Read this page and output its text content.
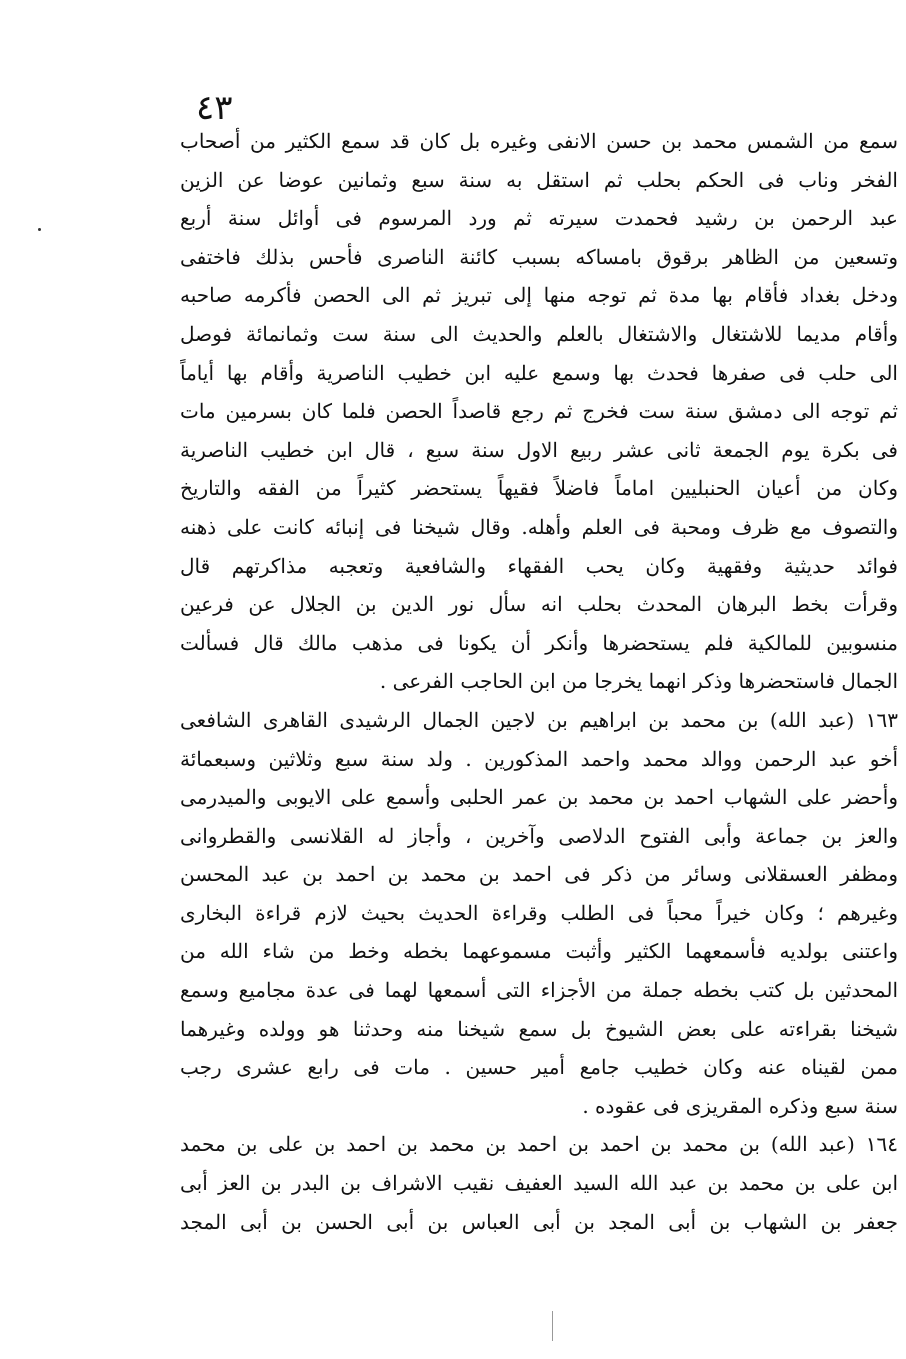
٤٣
سمع من الشمس محمد بن حسن الانفى وغيره بل كان قد سمع الكثير من أصحاب
الفخر وناب فى الحكم بحلب ثم استقل به سنة سبع وثمانين عوضا عن الزين
عبد الرحمن بن رشيد فحمدت سيرته ثم ورد المرسوم فى أوائل سنة أربع
وتسعين من الظاهر برقوق بامساكه بسبب كائنة الناصرى فأحس بذلك فاختفى
ودخل بغداد فأقام بها مدة ثم توجه منها إلى تبريز ثم الى الحصن فأكرمه صاحبه
وأقام مديما للاشتغال والاشتغال بالعلم والحديث الى سنة ست وثمانمائة فوصل
الى حلب فى صفرها فحدث بها وسمع عليه ابن خطيب الناصرية وأقام بها أياماً
ثم توجه الى دمشق سنة ست فخرج ثم رجع قاصداً الحصن فلما كان بسرمين مات
فى بكرة يوم الجمعة ثانى عشر ربيع الاول سنة سبع ، قال ابن خطيب الناصرية
وكان من أعيان الحنبليين اماماً فاضلاً فقيهاً يستحضر كثيراً من الفقه والتاريخ
والتصوف مع ظرف ومحبة فى العلم وأهله. وقال شيخنا فى إنبائه كانت على ذهنه
فوائد حديثية وفقهية وكان يحب الفقهاء والشافعية وتعجبه مذاكرتهم قال
وقرأت بخط البرهان المحدث بحلب انه سأل نور الدين بن الجلال عن فرعين
منسوبين للمالكية فلم يستحضرها وأنكر أن يكونا فى مذهب مالك قال فسألت
الجمال فاستحضرها وذكر انهما يخرجا من ابن الحاجب الفرعى .
١٦٣ (عبد الله) بن محمد بن ابراهيم بن لاجين الجمال الرشيدى القاهرى الشافعى
أخو عبد الرحمن ووالد محمد واحمد المذكورين . ولد سنة سبع وثلاثين وسبعمائة
وأحضر على الشهاب احمد بن محمد بن عمر الحلبى وأسمع على الايوبى والميدرمى
والعز بن جماعة وأبى الفتوح الدلاصى وآخرين ، وأجاز له القلانسى والقطروانى
ومظفر العسقلانى وسائر من ذكر فى احمد بن محمد بن احمد بن عبد المحسن
وغيرهم ؛ وكان خيراً محباً فى الطلب وقراءة الحديث بحيث لازم قراءة البخارى
واعتنى بولديه فأسمعهما الكثير وأثبت مسموعهما بخطه وخط من شاء الله من
المحدثين بل كتب بخطه جملة من الأجزاء التى أسمعها لهما فى عدة مجاميع وسمع
شيخنا بقراءته على بعض الشيوخ بل سمع شيخنا منه وحدثنا هو وولده وغيرهما
ممن لقيناه عنه وكان خطيب جامع أمير حسين . مات فى رابع عشرى رجب
سنة سبع وذكره المقريزى فى عقوده .
١٦٤ (عبد الله) بن محمد بن احمد بن احمد بن محمد بن احمد بن على بن محمد
ابن على بن محمد بن عبد الله السيد العفيف نقيب الاشراف بن البدر بن العز أبى
جعفر بن الشهاب بن أبى المجد بن أبى العباس بن أبى الحسن بن أبى المجد
